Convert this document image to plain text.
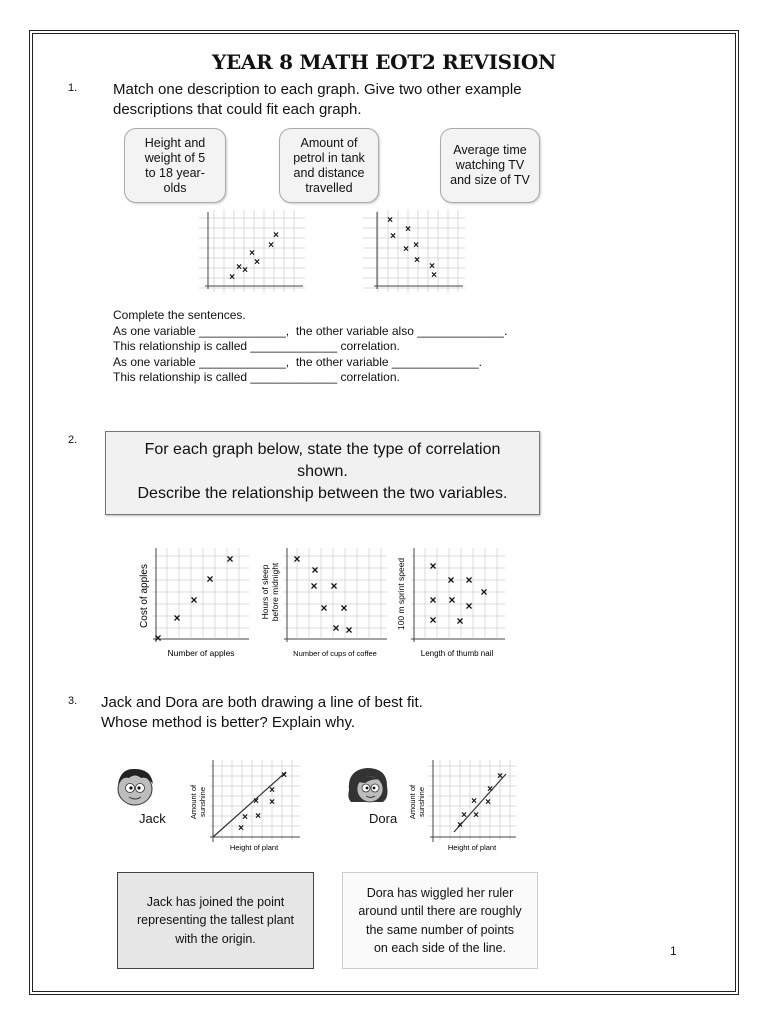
YEAR 8 MATH EOT2 REVISION
1. Match one description to each graph. Give two other example
descriptions that could fit each graph.
Height and
weight of 5
to 18 year-
olds
Amount of
petrol in tank
and distance
travelled
Average time
watching TV
and size of TV
×
× ×
×
×
×
×
×
×
×
× ×
×
×
×
Complete the sentences.
As one variable _____________,  the other variable also _____________.
This relationship is called _____________ correlation.
As one variable _____________,  the other variable _____________.
This relationship is called _____________ correlation.
2.
For each graph below, state the type of correlation
shown.
Describe the relationship between the two variables.
×
×
×
×
×
Cost of apples
Number of apples
×
×
× ×
× ×
× ×
Hours of sleep before midnight
Number of cups of coffee
×
× ×
×
× × ×
× ×
100 m sprint speed
Length of thumb nail
3. Jack and Dora are both drawing a line of best fit.
Whose method is better? Explain why.
Jack
×
×
×
×
× ×
×
Amount of sunshine
Height of plant
Dora
×
×
×
×
× ×
×
Amount of sunshine
Height of plant
Jack has joined the point
representing the tallest plant
with the origin.
Dora has wiggled her ruler
around until there are roughly
the same number of points
on each side of the line.	1
